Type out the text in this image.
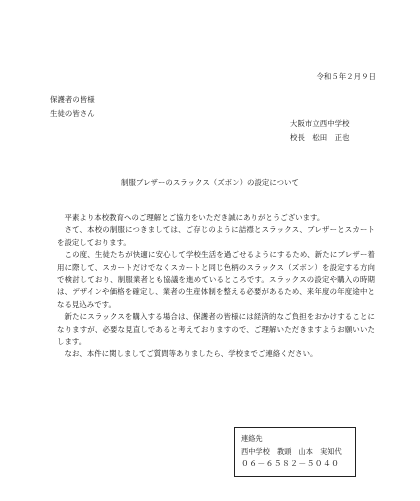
令和５年２月９日
保護者の皆様
生徒の皆さん
大阪市立西中学校
校長　松田　正也
制服ブレザーのスラックス（ズボン）の設定について

平素より本校教育へのご理解とご協力をいただき誠にありがとうございます。

さて、本校の制服につきましては、ご存じのように詰襟とスラックス、ブレザーとスカートを設定しております。

この度、生徒たちが快適に安心して学校生活を過ごせるようにするため、新たにブレザー着用に際して、スカートだけでなくスカートと同じ色柄のスラックス（ズボン）を設定する方向で検討しており、制服業者とも協議を進めているところです。スラックスの設定や購入の時期は、デザインや価格を確定し、業者の生産体制を整える必要があるため、来年度の年度途中となる見込みです。

新たにスラックスを購入する場合は、保護者の皆様には経済的なご負担をおかけすることになりますが、必要な見直しであると考えておりますので、ご理解いただきますようお願いいたします。

なお、本件に関しましてご質問等ありましたら、学校までご連絡ください。

連絡先
西中学校　教頭　山本　実知代
０６－６５８２－５０４０
